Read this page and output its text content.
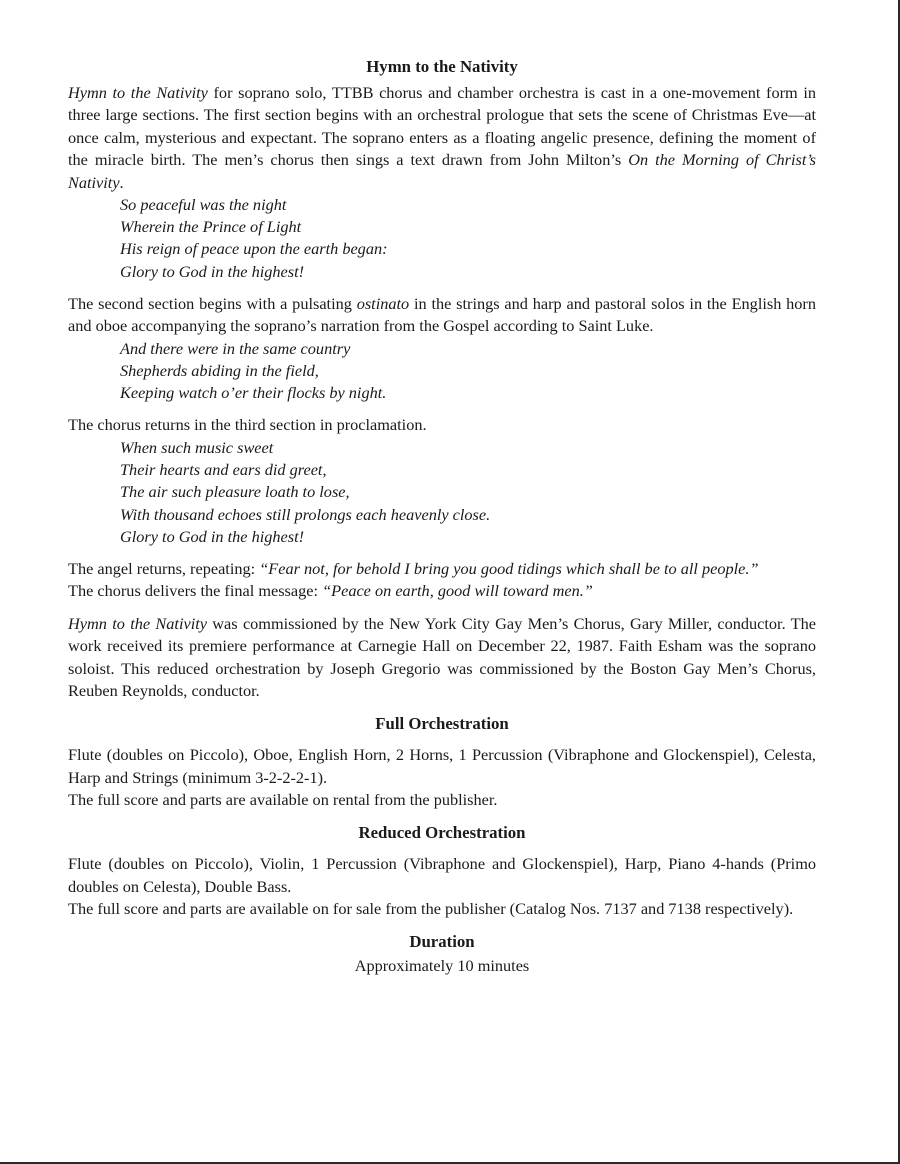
Hymn to the Nativity

Hymn to the Nativity for soprano solo, TTBB chorus and chamber orchestra is cast in a one-movement form in three large sections. The first section begins with an orchestral prologue that sets the scene of Christmas Eve—at once calm, mysterious and expectant. The soprano enters as a floating angelic presence, defining the moment of the miracle birth. The men’s chorus then sings a text drawn from John Milton’s On the Morning of Christ’s Nativity.

So peaceful was the night
Wherein the Prince of Light
His reign of peace upon the earth began:
Glory to God in the highest!

The second section begins with a pulsating ostinato in the strings and harp and pastoral solos in the English horn and oboe accompanying the soprano’s narration from the Gospel according to Saint Luke.

And there were in the same country
Shepherds abiding in the field,
Keeping watch o’er their flocks by night.

The chorus returns in the third section in proclamation.

When such music sweet
Their hearts and ears did greet,
The air such pleasure loath to lose,
With thousand echoes still prolongs each heavenly close.
Glory to God in the highest!

The angel returns, repeating: “Fear not, for behold I bring you good tidings which shall be to all people.”
The chorus delivers the final message: “Peace on earth, good will toward men.”

Hymn to the Nativity was commissioned by the New York City Gay Men’s Chorus, Gary Miller, conductor. The work received its premiere performance at Carnegie Hall on December 22, 1987. Faith Esham was the soprano soloist. This reduced orchestration by Joseph Gregorio was commissioned by the Boston Gay Men’s Chorus, Reuben Reynolds, conductor.

Full Orchestration

Flute (doubles on Piccolo), Oboe, English Horn, 2 Horns, 1 Percussion (Vibraphone and Glockenspiel), Celesta, Harp and Strings (minimum 3-2-2-2-1).

The full score and parts are available on rental from the publisher.

Reduced Orchestration

Flute (doubles on Piccolo), Violin, 1 Percussion (Vibraphone and Glockenspiel), Harp, Piano 4-hands (Primo doubles on Celesta), Double Bass.

The full score and parts are available on for sale from the publisher (Catalog Nos. 7137 and 7138 respectively).

Duration

Approximately 10 minutes
